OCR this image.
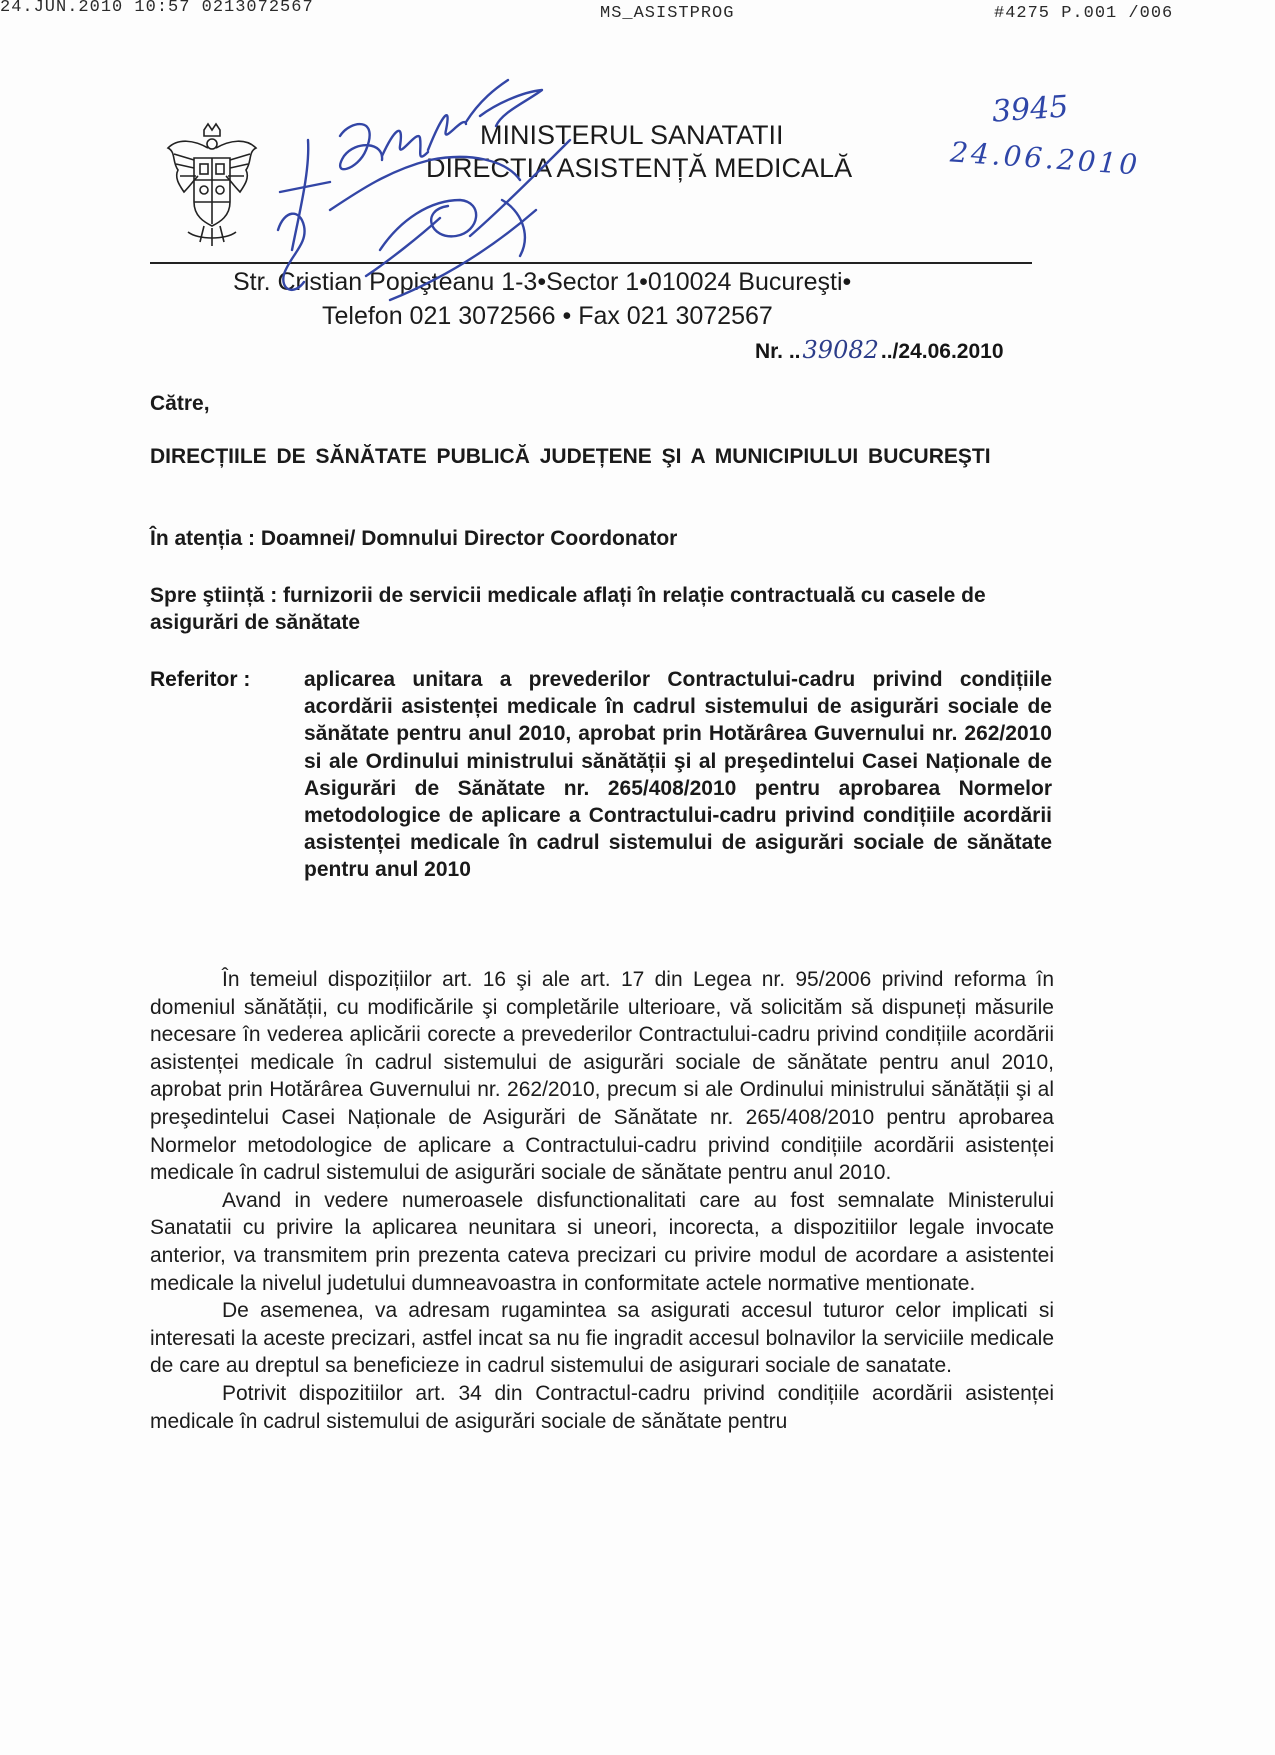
24.JUN.2010 10:57 0213072567	MS_ASISTPROG	#4275 P.001 /006
MINISTERUL SANATATII
DIRECTIA ASISTENȚĂ MEDICALĂ
Str. Cristian Popişteanu 1-3•Sector 1•010024 Bucureşti•
Telefon 021 3072566 • Fax 021 3072567
Nr. ..39082../24.06.2010
3945
24.06.2010
Către,
DIRECȚIILE DE SĂNĂTATE PUBLICĂ JUDEȚENE ŞI A MUNICIPIULUI BUCUREŞTI
În atenția : Doamnei/ Domnului Director Coordonator
Spre ştiință : furnizorii de servicii medicale aflați în relație contractuală cu casele de asigurări de sănătate
Referitor :	aplicarea unitara a prevederilor Contractului-cadru privind condițiile acordării asistenței medicale în cadrul sistemului de asigurări sociale de sănătate pentru anul 2010, aprobat prin Hotărârea Guvernului nr. 262/2010 si ale Ordinului ministrului sănătății şi al preşedintelui Casei Naționale de Asigurări de Sănătate nr. 265/408/2010 pentru aprobarea Normelor metodologice de aplicare a Contractului-cadru privind condițiile acordării asistenței medicale în cadrul sistemului de asigurări sociale de sănătate pentru anul 2010

În temeiul dispozițiilor art. 16 şi ale art. 17 din Legea nr. 95/2006 privind reforma în domeniul sănătății, cu modificările şi completările ulterioare, vă solicităm să dispuneți măsurile necesare în vederea aplicării corecte a prevederilor Contractului-cadru privind condițiile acordării asistenței medicale în cadrul sistemului de asigurări sociale de sănătate pentru anul 2010, aprobat prin Hotărârea Guvernului nr. 262/2010, precum si ale Ordinului ministrului sănătății şi al preşedintelui Casei Naționale de Asigurări de Sănătate nr. 265/408/2010 pentru aprobarea Normelor metodologice de aplicare a Contractului-cadru privind condițiile acordării asistenței medicale în cadrul sistemului de asigurări sociale de sănătate pentru anul 2010.

Avand in vedere numeroasele disfunctionalitati care au fost semnalate Ministerului Sanatatii cu privire la aplicarea neunitara si uneori, incorecta, a dispozitiilor legale invocate anterior, va transmitem prin prezenta cateva precizari cu privire modul de acordare a asistentei medicale la nivelul judetului dumneavoastra in conformitate actele normative mentionate.

De asemenea, va adresam rugamintea sa asigurati accesul tuturor celor implicati si interesati la aceste precizari, astfel incat sa nu fie ingradit accesul bolnavilor la serviciile medicale de care au dreptul sa beneficieze in cadrul sistemului de asigurari sociale de sanatate.

Potrivit dispozitiilor art. 34 din Contractul-cadru privind condițiile acordării asistenței medicale în cadrul sistemului de asigurări sociale de sănătate pentru
